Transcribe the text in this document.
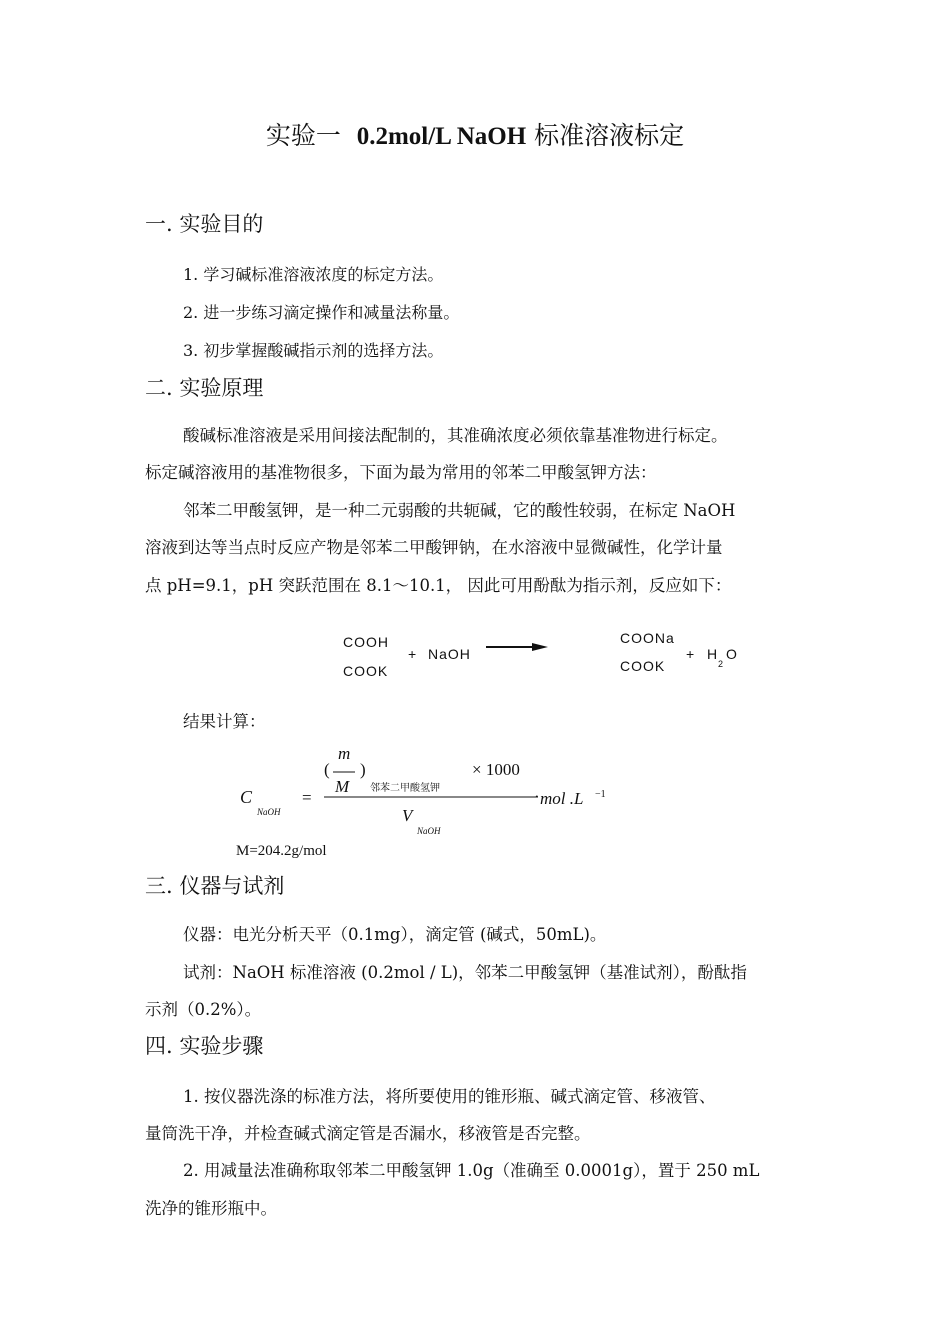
实验一 0.2mol/L NaOH 标准溶液标定
一. 实验目的
1. 学习碱标准溶液浓度的标定方法。
2. 进一步练习滴定操作和减量法称量。
3. 初步掌握酸碱指示剂的选择方法。
二. 实验原理
酸碱标准溶液是采用间接法配制的，其准确浓度必须依靠基准物进行标定。
标定碱溶液用的基准物很多，下面为最为常用的邻苯二甲酸氢钾方法：
邻苯二甲酸氢钾，是一种二元弱酸的共轭碱，它的酸性较弱，在标定 NaOH
溶液到达等当点时反应产物是邻苯二甲酸钾钠，在水溶液中显微碱性，化学计量
点 pH=9.1，pH 突跃范围在 8.1～10.1， 因此可用酚酞为指示剂，反应如下：
COOH
COOK
+ NaOH →
COONa
COOK
+ H
2
O
结果计算：
m
( )
M 邻苯二甲酸氢钾
× 1000
C
NaOH
=	· mol .L −1
V
NaOH
M=204.2g/mol
三. 仪器与试剂
仪器：电光分析天平（0.1mg），滴定管 (碱式，50mL)。
试剂：NaOH 标准溶液 (0.2mol / L)，邻苯二甲酸氢钾（基准试剂），酚酞指
示剂（0.2%）。
四. 实验步骤
1. 按仪器洗涤的标准方法，将所要使用的锥形瓶、碱式滴定管、移液管、
量筒洗干净，并检查碱式滴定管是否漏水，移液管是否完整。
2. 用减量法准确称取邻苯二甲酸氢钾 1.0g（准确至 0.0001g），置于 250 mL
洗净的锥形瓶中。
